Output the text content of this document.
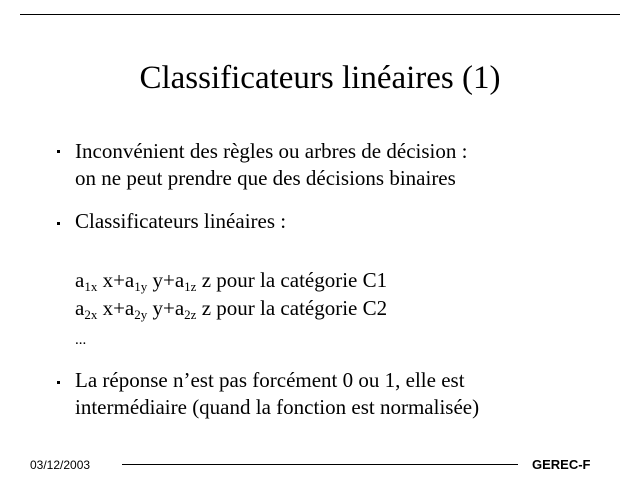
Classificateurs linéaires (1)
Inconvénient des règles ou arbres de décision :
on ne peut prendre que des décisions binaires
Classificateurs linéaires :
$a_{1x}$ $x+a_{1y}$ $y+a_{1z}$ z pour la catégorie C1
$a_{2x}$ $x+a_{2y}$ $y+a_{2z}$ z pour la catégorie C2
...
La réponse n’est pas forcément 0 ou 1, elle est
intermédiaire (quand la fonction est normalisée)
03/12/2003	GEREC-F
